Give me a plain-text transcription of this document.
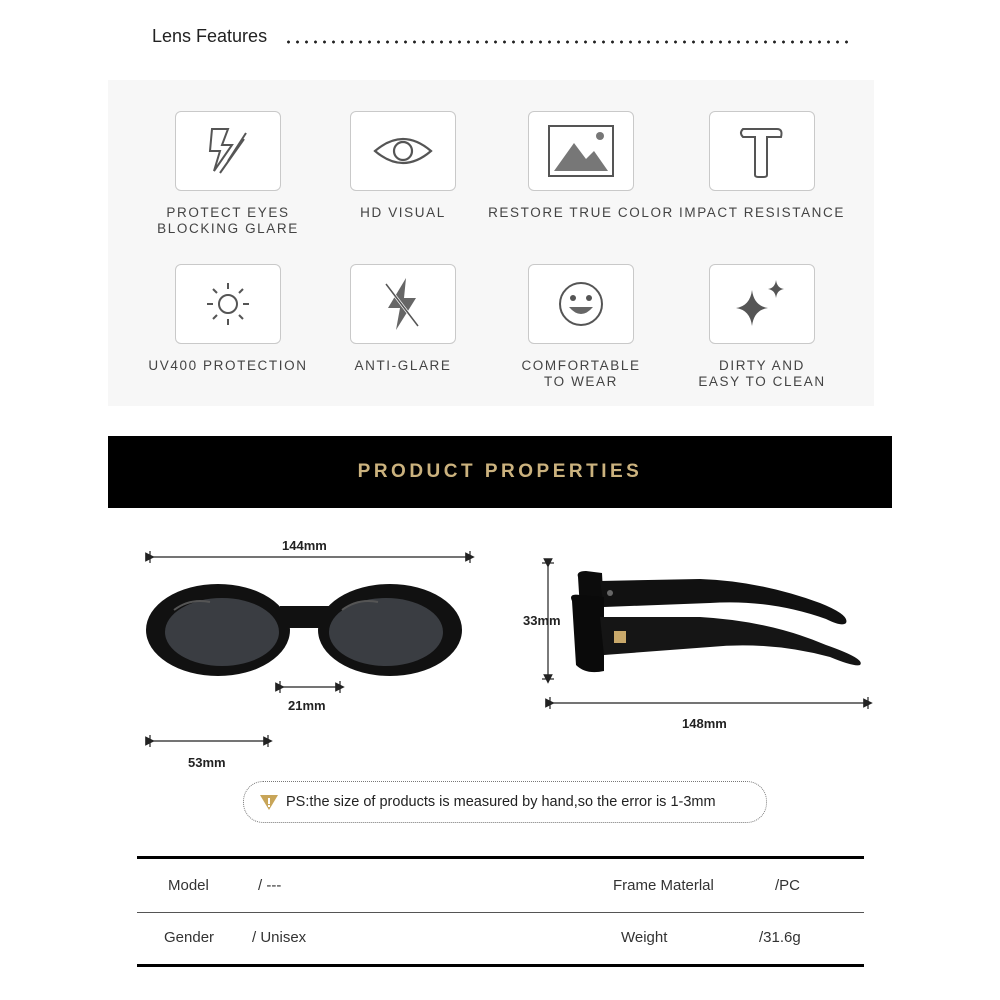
Lens Features
PROTECT EYES
BLOCKING GLARE
HD VISUAL	RESTORE TRUE COLOR IMPACT RESISTANCE
UV400 PROTECTION	ANTI-GLARE	COMFORTABLE
TO WEAR
DIRTY AND
EASY TO CLEAN
PRODUCT PROPERTIES
144mm
21mm
53mm
33mm
148mm
PS:the size of products is measured by hand,so the error is 1-3mm
Model	/ ---	Frame Materlal	/PC
Gender	/ Unisex	Weight	/31.6g
